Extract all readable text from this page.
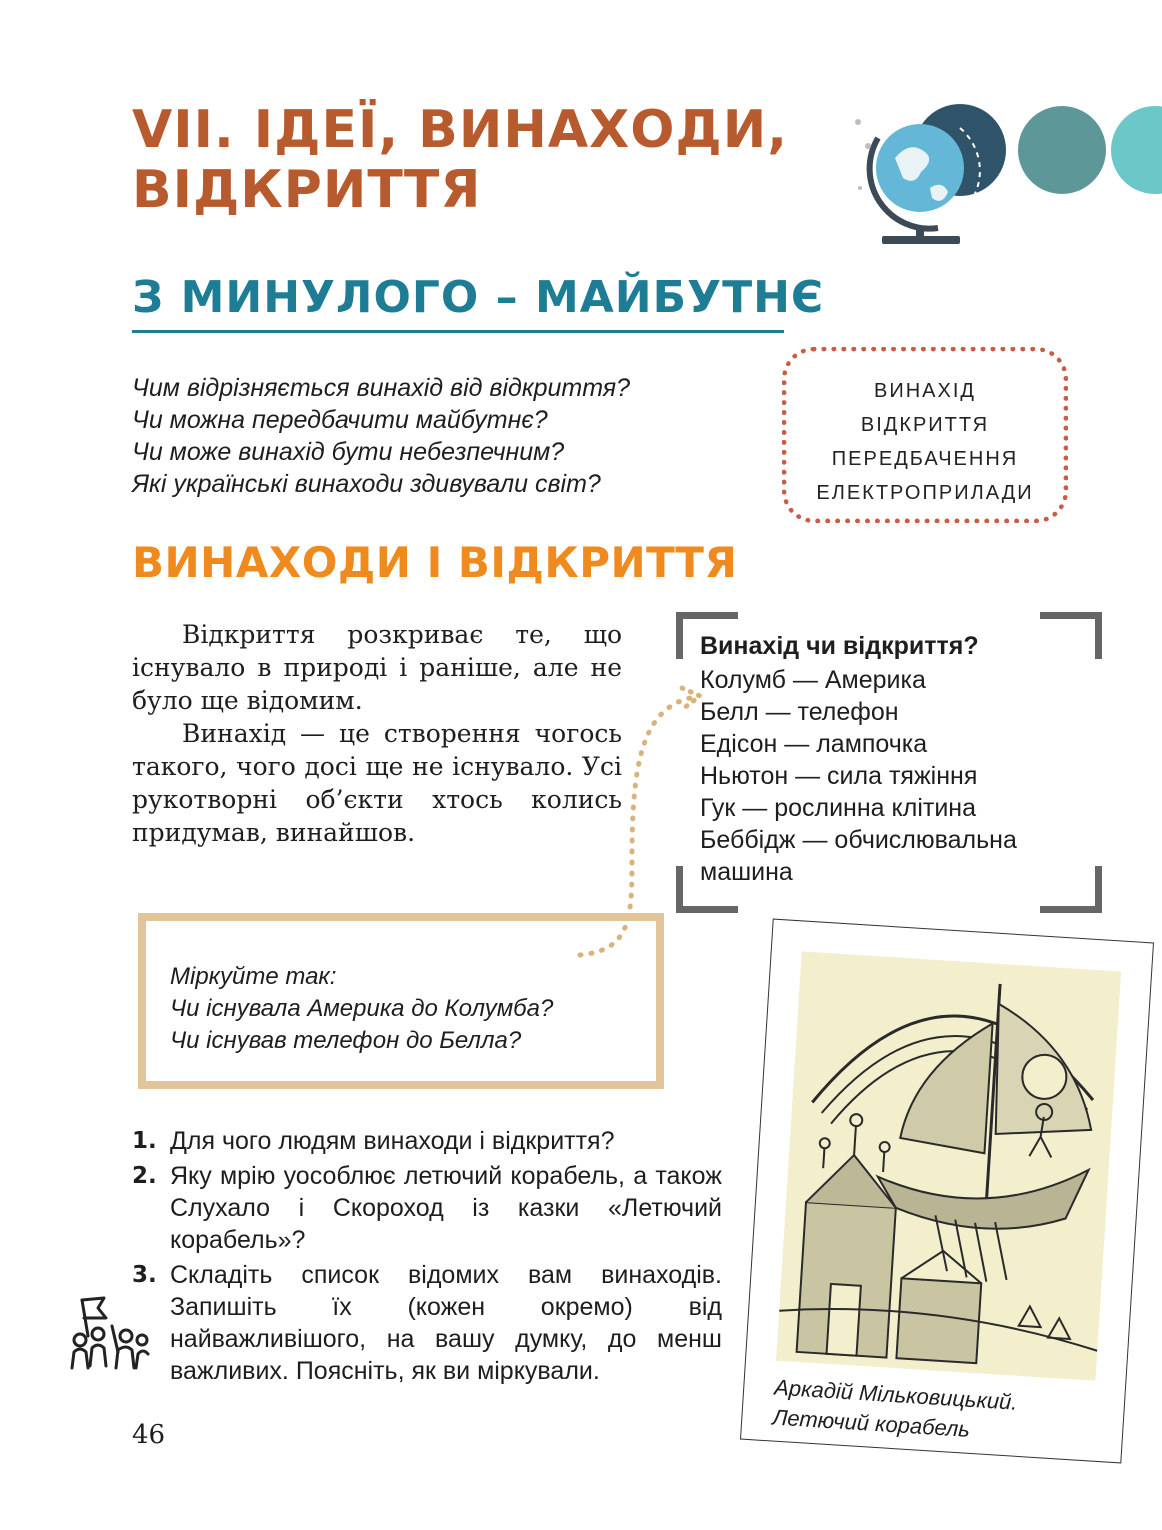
VII. ІДЕЇ, ВИНАХОДИ, ВІДКРИТТЯ
З МИНУЛОГО – МАЙБУТНЄ
Чим відрізняється винахід від відкриття?
Чи можна передбачити майбутнє?
Чи може винахід бути небезпечним?
Які українські винаходи здивували світ?
ВИНАХІД
ВІДКРИТТЯ
ПЕРЕДБАЧЕННЯ
ЕЛЕКТРОПРИЛАДИ
ВИНАХОДИ І ВІДКРИТТЯ

Відкриття розкриває те, що існувало в природі і раніше, але не було ще відомим.

Винахід — це створення чогось такого, чого досі ще не існувало. Усі рукотворні об’єкти хтось колись придумав, винайшов.

Винахід чи відкриття?
Колумб — Америка
Белл — телефон
Едісон — лампочка
Ньютон — сила тяжіння
Гук — рослинна клітина
Беббідж — обчислювальна машина
Міркуйте так:
Чи існувала Америка до Колумба?
Чи існував телефон до Белла?
1. Для чого людям винаходи і відкриття?
2. Яку мрію уособлює летючий корабель, а також Слухало і Скороход із казки «Летючий корабель»?
3. Складіть список відомих вам винаходів. Запишіть їх (кожен окремо) від найважливішого, на вашу думку, до менш важливих. Поясніть, як ви міркували.
46
Аркадій Мільковицький.
Летючий корабель
